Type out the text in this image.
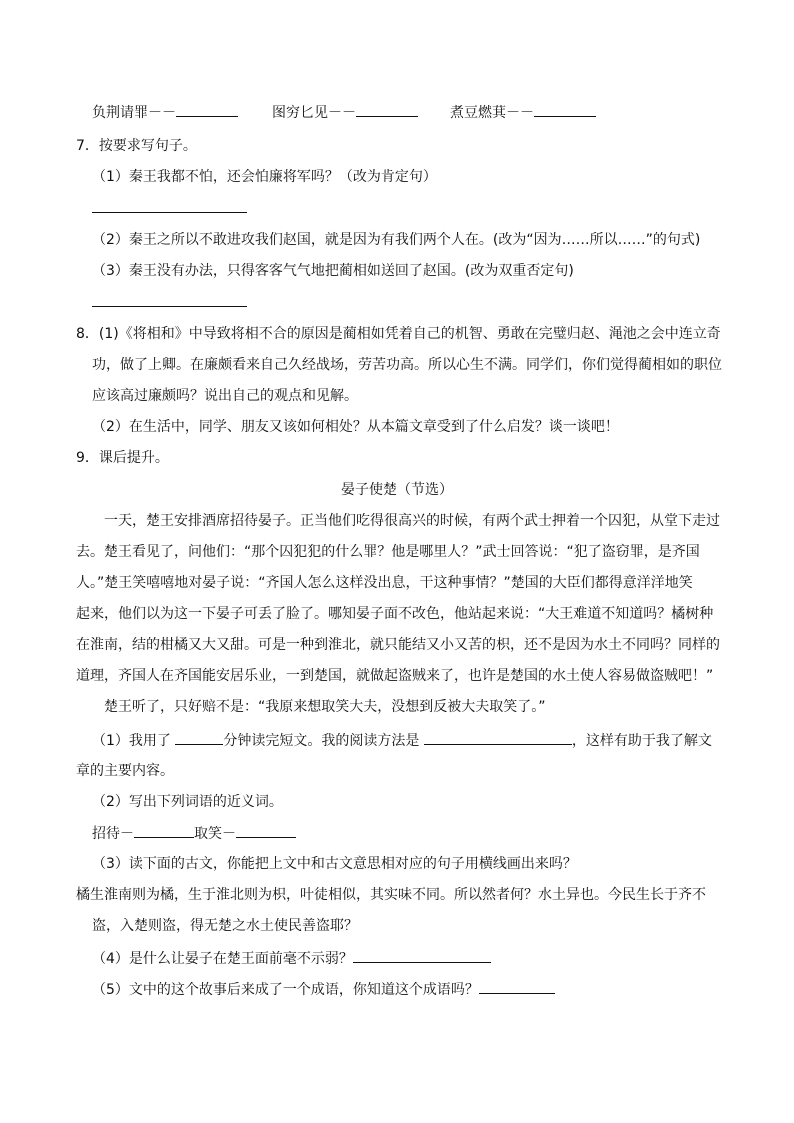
负荆请罪－－	图穷匕见－－	煮豆燃萁－－
7．按要求写句子。
（1）秦王我都不怕，还会怕廉将军吗？（改为肯定句）
（2）秦王之所以不敢进攻我们赵国，就是因为有我们两个人在。(改为“因为……所以……”的句式)
（3）秦王没有办法，只得客客气气地把蔺相如送回了赵国。(改为双重否定句)
8．(1)《将相和》中导致将相不合的原因是蔺相如凭着自己的机智、勇敢在完璧归赵、渑池之会中连立奇
功，做了上卿。在廉颇看来自己久经战场，劳苦功高。所以心生不满。同学们，你们觉得蔺相如的职位
应该高过廉颇吗？说出自己的观点和见解。
（2）在生活中，同学、朋友又该如何相处？从本篇文章受到了什么启发？谈一谈吧！
9．课后提升。
晏子使楚（节选）
一天，楚王安排酒席招待晏子。正当他们吃得很高兴的时候，有两个武士押着一个囚犯，从堂下走过
去。楚王看见了，问他们：“那个囚犯犯的什么罪？他是哪里人？”武士回答说：“犯了盗窃罪，是齐国
人。”楚王笑嘻嘻地对晏子说：“齐国人怎么这样没出息，干这种事情？”楚国的大臣们都得意洋洋地笑
起来，他们以为这一下晏子可丢了脸了。哪知晏子面不改色，他站起来说：“大王难道不知道吗？橘树种
在淮南，结的柑橘又大又甜。可是一种到淮北，就只能结又小又苦的枳，还不是因为水土不同吗？同样的
道理，齐国人在齐国能安居乐业，一到楚国，就做起盗贼来了，也许是楚国的水土使人容易做盗贼吧！”
楚王听了，只好赔不是：“我原来想取笑大夫，没想到反被大夫取笑了。”
（1）我用了	分钟读完短文。我的阅读方法是	，这样有助于我了解文
章的主要内容。
（2）写出下列词语的近义词。
招待－	取笑－
（3）读下面的古文，你能把上文中和古文意思相对应的句子用横线画出来吗？
橘生淮南则为橘，生于淮北则为枳，叶徒相似，其实味不同。所以然者何？水土异也。今民生长于齐不
盗，入楚则盗，得无楚之水土使民善盗耶？
（4）是什么让晏子在楚王面前毫不示弱？
（5）文中的这个故事后来成了一个成语，你知道这个成语吗？
